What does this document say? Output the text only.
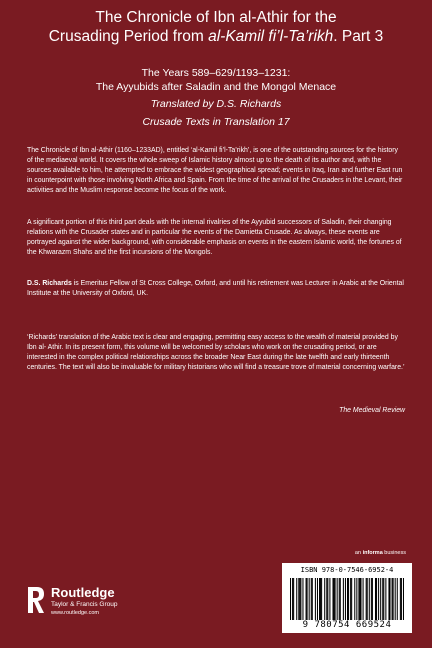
The Chronicle of Ibn al-Athir for the
Crusading Period from al-Kamil fi’l-Ta’rikh. Part 3
The Years 589–629/1193–1231:
The Ayyubids after Saladin and the Mongol Menace
Translated by D.S. Richards
Crusade Texts in Translation 17

The Chronicle of Ibn al-Athir (1160–1233AD), entitled ‘al-Kamil fi’l-Ta’rikh’, is one of the outstanding sources for the history of the mediaeval world. It covers the whole sweep of Islamic history almost up to the death of its author and, with the sources available to him, he attempted to embrace the widest geographical spread; events in Iraq, Iran and further East run in counterpoint with those involving North Africa and Spain. From the time of the arrival of the Crusaders in the Levant, their activities and the Muslim response become the focus of the work.

A significant portion of this third part deals with the internal rivalries of the Ayyubid successors of Saladin, their changing relations with the Crusader states and in particular the events of the Damietta Crusade. As always, these events are portrayed against the wider background, with considerable emphasis on events in the eastern Islamic world, the fortunes of the Khwarazm Shahs and the first incursions of the Mongols.

D.S. Richards is Emeritus Fellow of St Cross College, Oxford, and until his retirement was Lecturer in Arabic at the Oriental Institute at the University of Oxford, UK.

‘Richards’ translation of the Arabic text is clear and engaging, permitting easy access to the wealth of material provided by Ibn al- Athir. In its present form, this volume will be welcomed by scholars who work on the crusading period, or are interested in the complex political relationships across the broader Near East during the late twelfth and early thirteenth centuries. The text will also be invaluable for military historians who will find a treasure trove of material concerning warfare.’

The Medieval Review
an informa business
ISBN 978-0-7546-6952-4
9 780754 669524
Routledge
Taylor & Francis Group
www.routledge.com
